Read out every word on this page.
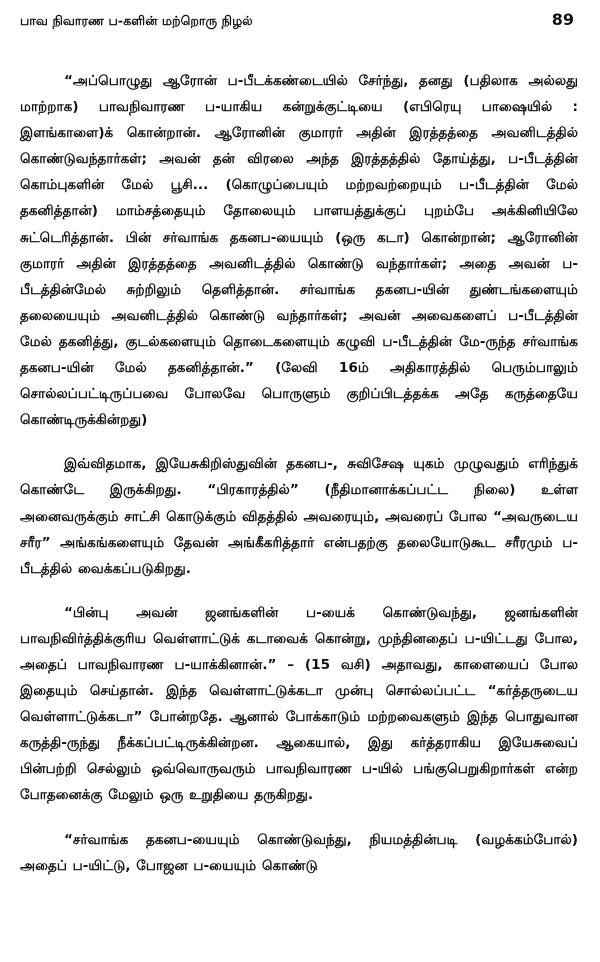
பாவ நிவாரண ப-களின் மற்றொரு நிழல்	89

“அப்பொழுது ஆரோன் ப-பீடக்கண்டையில் சேர்ந்து, தனது (பதிலாக அல்லது மாற்றாக) பாவநிவாரண ப-யாகிய கன்றுக்குட்டியை (எபிரெயு பாஷையில் : இளங்காளை)க் கொன்றான். ஆரோனின் குமாரர் அதின் இரத்தத்தை அவனிடத்தில் கொண்டுவந்தார்கள்; அவன் தன் விரலை அந்த இரத்தத்தில் தோய்த்து, ப-பீடத்தின் கொம்புகளின் மேல் பூசி... (கொழுப்பையும் மற்றவற்றையும் ப-பீடத்தின் மேல் தகனித்தான்) மாம்சத்தையும் தோலையும் பாளயத்துக்குப் புறம்பே அக்கினியிலே சுட்டெரித்தான். பின் சர்வாங்க தகனப-யையும் (ஒரு கடா) கொன்றான்; ஆரோனின் குமாரர் அதின் இரத்தத்தை அவனிடத்தில் கொண்டு வந்தார்கள்; அதை அவன் ப-பீடத்தின்மேல் சுற்றிலும் தெளித்தான். சர்வாங்க தகனப-யின் துண்டங்களையும் தலையையும் அவனிடத்தில் கொண்டு வந்தார்கள்; அவன் அவைகளைப் ப-பீடத்தின் மேல் தகனித்து, குடல்களையும் தொடைகளையும் கழுவி ப-பீடத்தின் மே-ருந்த சர்வாங்க தகனப-யின் மேல் தகனித்தான்.” (லேவி 16ம் அதிகாரத்தில் பெரும்பாலும் சொல்லப்பட்டிருப்பவை போலவே பொருளும் குறிப்பிடத்தக்க அதே கருத்தையே கொண்டிருக்கின்றது)

இவ்விதமாக, இயேசுகிறிஸ்துவின் தகனப-, சுவிசேஷ யுகம் முழுவதும் எரிந்துக் கொண்டே இருக்கிறது. “பிரகாரத்தில்” (நீதிமானாக்கப்பட்ட நிலை) உள்ள அனைவருக்கும் சாட்சி கொடுக்கும் விதத்தில் அவரையும், அவரைப் போல “அவருடைய சரீர” அங்கங்களையும் தேவன் அங்கீகரித்தார் என்பதற்கு தலையோடுகூட சரீரமும் ப-பீடத்தில் வைக்கப்படுகிறது.

“பின்பு அவன் ஜனங்களின் ப-யைக் கொண்டுவந்து, ஜனங்களின் பாவநிவிர்த்திக்குரிய வெள்ளாட்டுக் கடாவைக் கொன்று, முந்தினதைப் ப-யிட்டது போல, அதைப் பாவநிவாரண ப-யாக்கினான்.” – (15 வசி) அதாவது, காளையைப் போல இதையும் செய்தான். இந்த வெள்ளாட்டுக்கடா முன்பு சொல்லப்பட்ட “கர்த்தருடைய வெள்ளாட்டுக்கடா” போன்றதே. ஆனால் போக்காடும் மற்றவைகளும் இந்த பொதுவான கருத்தி-ருந்து நீக்கப்பட்டிருக்கின்றன. ஆகையால், இது கர்த்தராகிய இயேசுவைப் பின்பற்றி செல்லும் ஒவ்வொருவரும் பாவநிவாரண ப-யில் பங்குபெறுகிறார்கள் என்ற போதனைக்கு மேலும் ஒரு உறுதியை தருகிறது.

“சர்வாங்க தகனப-யையும் கொண்டுவந்து, நியமத்தின்படி (வழக்கம்போல்) அதைப் ப-யிட்டு, போஜன ப-யையும் கொண்டு
